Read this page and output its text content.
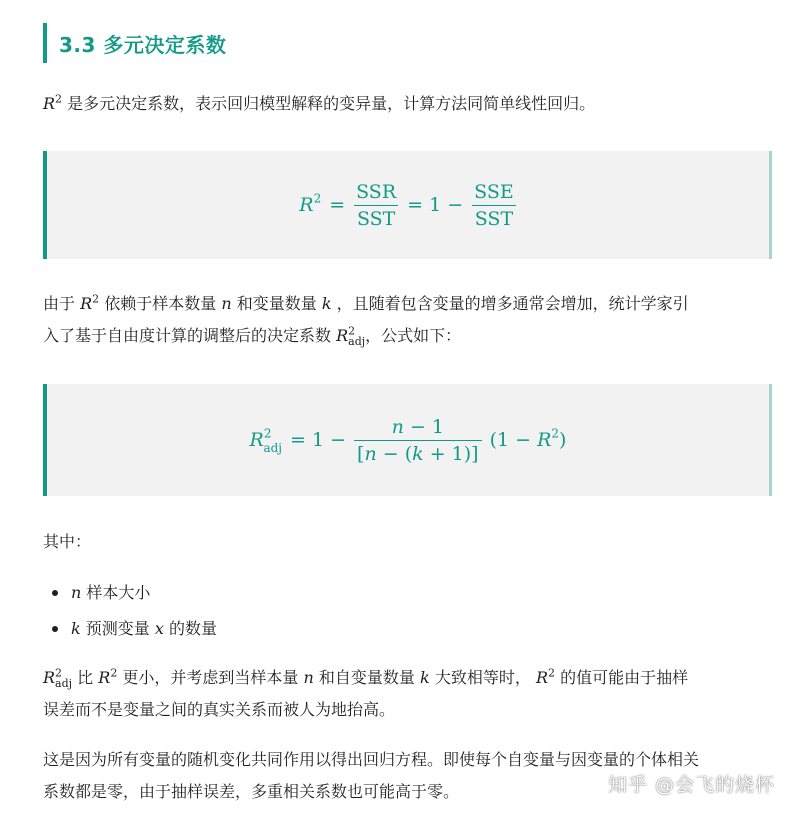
3.3 多元决定系数
$R^2$ 是多元决定系数，表示回归模型解释的变异量，计算方法同简单线性回归。
$R^2 = \frac{\text{SSR}}{\text{SST}} = 1 - \frac{\text{SSE}}{\text{SST}}$
由于 $R^2$ 依赖于样本数量 n 和变量数量 k ，且随着包含变量的增多通常会增加，统计学家引
入了基于自由度计算的调整后的决定系数 $R^2_{adj}$，公式如下：
$R^2_{adj} = 1 - \frac{n - 1}{[n - (k + 1)]} (1 - R^2)$
其中：
n 样本大小
k 预测变量 x 的数量
$R^2_{adj}$ 比 $R^2$ 更小，并考虑到当样本量 n 和自变量数量 k 大致相等时， $R^2$ 的值可能由于抽样
误差而不是变量之间的真实关系而被人为地抬高。
这是因为所有变量的随机变化共同作用以得出回归方程。即使每个自变量与因变量的个体相关
系数都是零，由于抽样误差，多重相关系数也可能高于零。	知乎 @会飞的烧杯
